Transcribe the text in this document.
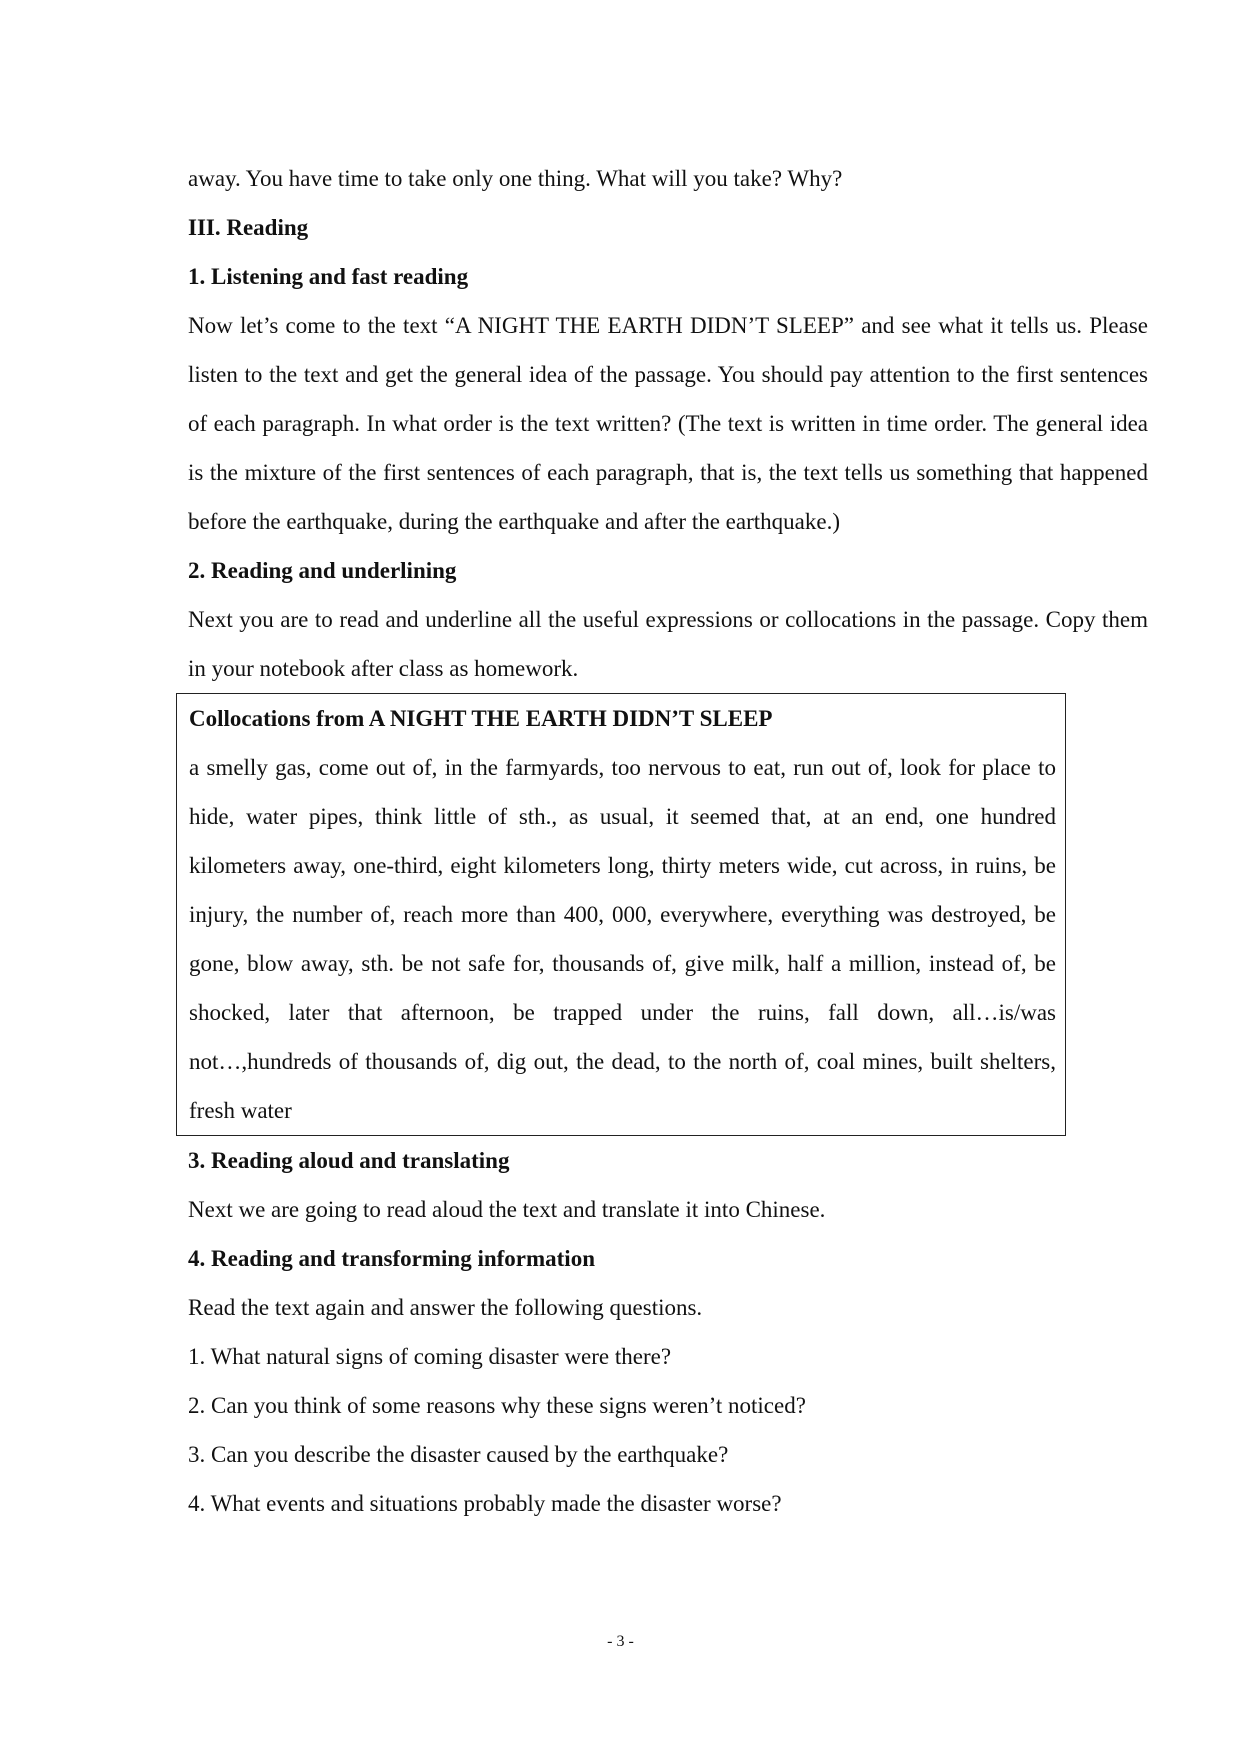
away. You have time to take only one thing. What will you take? Why?
III. Reading
1. Listening and fast reading
Now let’s come to the text “A NIGHT THE EARTH DIDN’T SLEEP” and see what it tells us. Please listen to the text and get the general idea of the passage. You should pay attention to the first sentences of each paragraph. In what order is the text written? (The text is written in time order. The general idea is the mixture of the first sentences of each paragraph, that is, the text tells us something that happened before the earthquake, during the earthquake and after the earthquake.)
2. Reading and underlining
Next you are to read and underline all the useful expressions or collocations in the passage. Copy them in your notebook after class as homework.
Collocations from A NIGHT THE EARTH DIDN’T SLEEP
a smelly gas, come out of, in the farmyards, too nervous to eat, run out of, look for place to hide, water pipes, think little of sth., as usual, it seemed that, at an end, one hundred kilometers away, one-third, eight kilometers long, thirty meters wide, cut across, in ruins, be injury, the number of, reach more than 400, 000, everywhere, everything was destroyed, be gone, blow away, sth. be not safe for, thousands of, give milk, half a million, instead of, be shocked, later that afternoon, be trapped under the ruins, fall down, all…is/was not…,hundreds of thousands of, dig out, the dead, to the north of, coal mines, built shelters, fresh water
3. Reading aloud and translating
Next we are going to read aloud the text and translate it into Chinese.
4. Reading and transforming information
Read the text again and answer the following questions.
1. What natural signs of coming disaster were there?
2. Can you think of some reasons why these signs weren’t noticed?
3. Can you describe the disaster caused by the earthquake?
4. What events and situations probably made the disaster worse?
- 3 -
